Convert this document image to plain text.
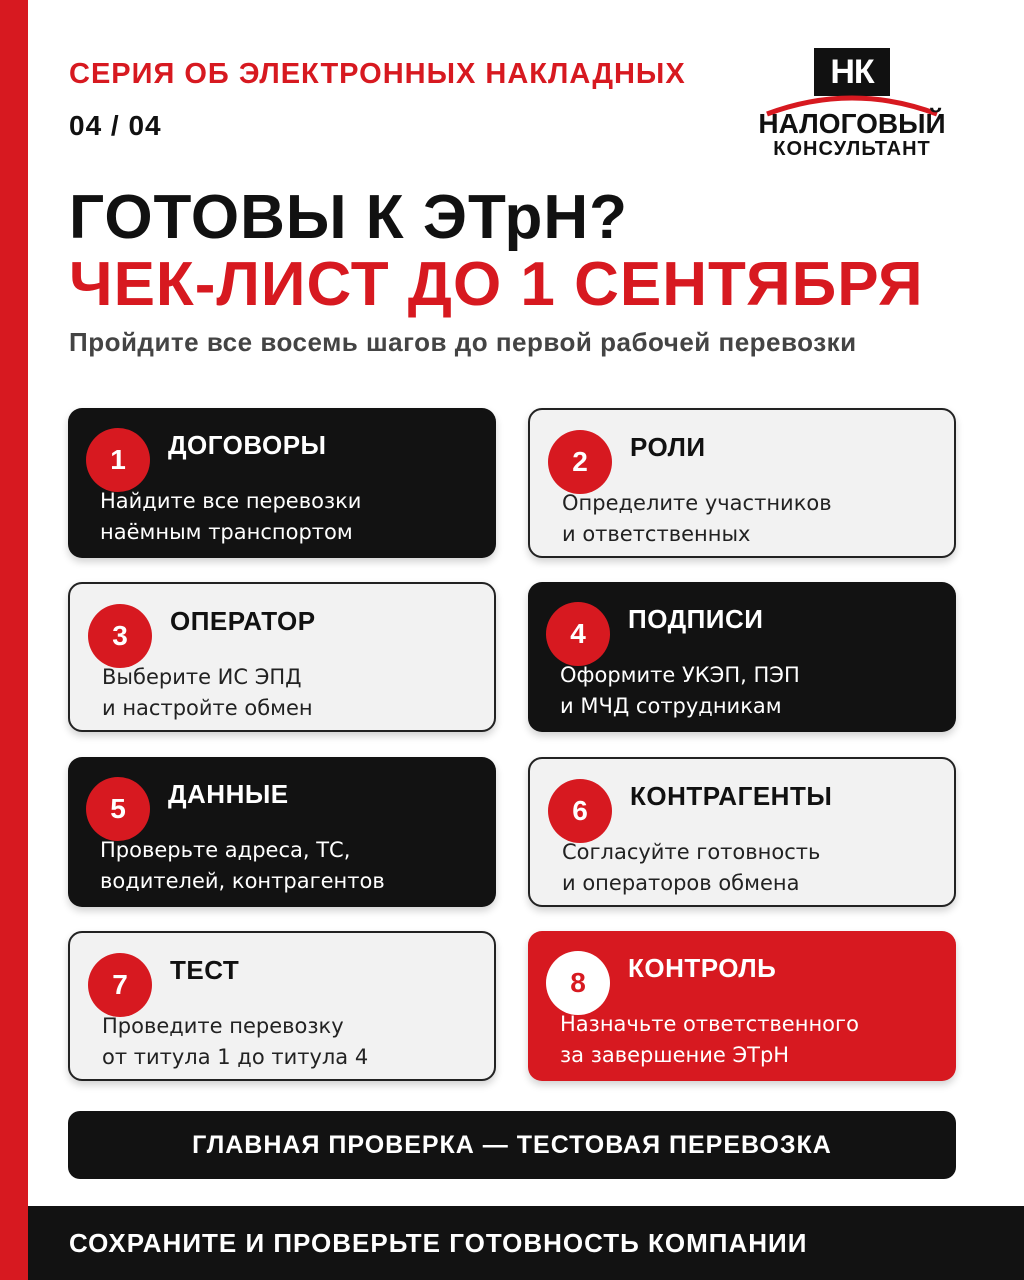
СЕРИЯ ОБ ЭЛЕКТРОННЫХ НАКЛАДНЫХ
04 / 04
НК
НАЛОГОВЫЙ
КОНСУЛЬТАНТ
ГОТОВЫ К ЭТрН?
ЧЕК-ЛИСТ ДО 1 СЕНТЯБРЯ
Пройдите все восемь шагов до первой рабочей перевозки
1	ДОГОВОРЫ
Найдите все перевозки
наёмным транспортом
2	РОЛИ
Определите участников
и ответственных
3	ОПЕРАТОР
Выберите ИС ЭПД
и настройте обмен
4	ПОДПИСИ
Оформите УКЭП, ПЭП
и МЧД сотрудникам
5	ДАННЫЕ
Проверьте адреса, ТС,
водителей, контрагентов
6	КОНТРАГЕНТЫ
Согласуйте готовность
и операторов обмена
7	ТЕСТ
Проведите перевозку
от титула 1 до титула 4
8	КОНТРОЛЬ
Назначьте ответственного
за завершение ЭТрН
ГЛАВНАЯ ПРОВЕРКА — ТЕСТОВАЯ ПЕРЕВОЗКА
СОХРАНИТЕ И ПРОВЕРЬТЕ ГОТОВНОСТЬ КОМПАНИИ
